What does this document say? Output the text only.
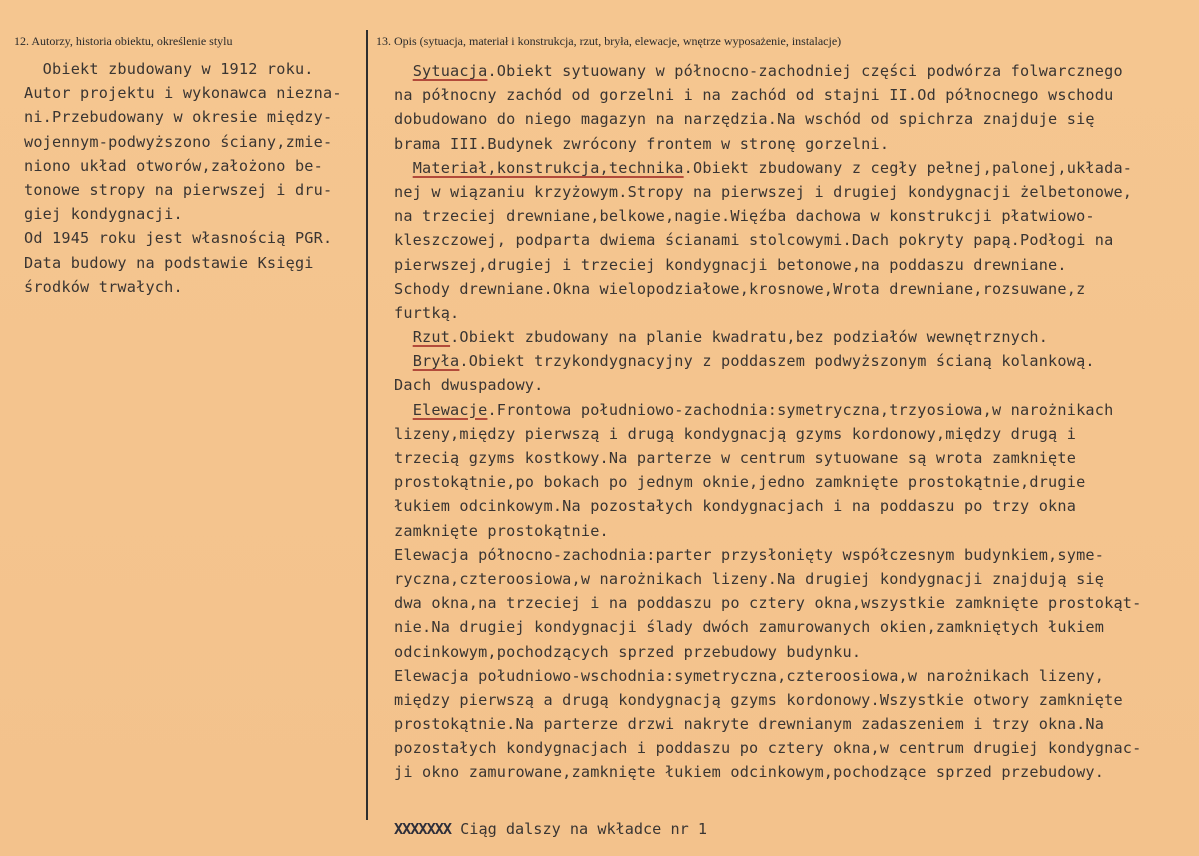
12. Autorzy, historia obiektu, określenie stylu	13. Opis (sytuacja, materiał i konstrukcja, rzut, bryła, elewacje, wnętrze wyposażenie, instalacje)
Obiekt zbudowany w 1912 roku.
Autor projektu i wykonawca niezna-
ni.Przebudowany w okresie między-
wojennym-podwyższono ściany,zmie-
niono układ otworów,założono be-
tonowe stropy na pierwszej i dru-
giej kondygnacji.
Od 1945 roku jest własnością PGR.
Data budowy na podstawie Księgi
środków trwałych.
Sytuacja.Obiekt sytuowany w północno-zachodniej części podwórza folwarcznego
na północny zachód od gorzelni i na zachód od stajni II.Od północnego wschodu
dobudowano do niego magazyn na narzędzia.Na wschód od spichrza znajduje się
brama III.Budynek zwrócony frontem w stronę gorzelni.
Materiał,konstrukcja,technika.Obiekt zbudowany z cegły pełnej,palonej,układa-
nej w wiązaniu krzyżowym.Stropy na pierwszej i drugiej kondygnacji żelbetonowe,
na trzeciej drewniane,belkowe,nagie.Więźba dachowa w konstrukcji płatwiowo-
kleszczowej, podparta dwiema ścianami stolcowymi.Dach pokryty papą.Podłogi na
pierwszej,drugiej i trzeciej kondygnacji betonowe,na poddaszu drewniane.
Schody drewniane.Okna wielopodziałowe,krosnowe,Wrota drewniane,rozsuwane,z
furtką.
Rzut.Obiekt zbudowany na planie kwadratu,bez podziałów wewnętrznych.
Bryła.Obiekt trzykondygnacyjny z poddaszem podwyższonym ścianą kolankową.
Dach dwuspadowy.
Elewacje.Frontowa południowo-zachodnia:symetryczna,trzyosiowa,w narożnikach
lizeny,między pierwszą i drugą kondygnacją gzyms kordonowy,między drugą i
trzecią gzyms kostkowy.Na parterze w centrum sytuowane są wrota zamknięte
prostokątnie,po bokach po jednym oknie,jedno zamknięte prostokątnie,drugie
łukiem odcinkowym.Na pozostałych kondygnacjach i na poddaszu po trzy okna
zamknięte prostokątnie.
Elewacja północno-zachodnia:parter przysłonięty współczesnym budynkiem,syme-
ryczna,czteroosiowa,w narożnikach lizeny.Na drugiej kondygnacji znajdują się
dwa okna,na trzeciej i na poddaszu po cztery okna,wszystkie zamknięte prostokąt-
nie.Na drugiej kondygnacji ślady dwóch zamurowanych okien,zamkniętych łukiem
odcinkowym,pochodzących sprzed przebudowy budynku.
Elewacja południowo-wschodnia:symetryczna,czteroosiowa,w narożnikach lizeny,
między pierwszą a drugą kondygnacją gzyms kordonowy.Wszystkie otwory zamknięte
prostokątnie.Na parterze drzwi nakryte drewnianym zadaszeniem i trzy okna.Na
pozostałych kondygnacjach i poddaszu po cztery okna,w centrum drugiej kondygnac-
ji okno zamurowane,zamknięte łukiem odcinkowym,pochodzące sprzed przebudowy.
XXXXXXX Ciąg dalszy na wkładce nr 1
